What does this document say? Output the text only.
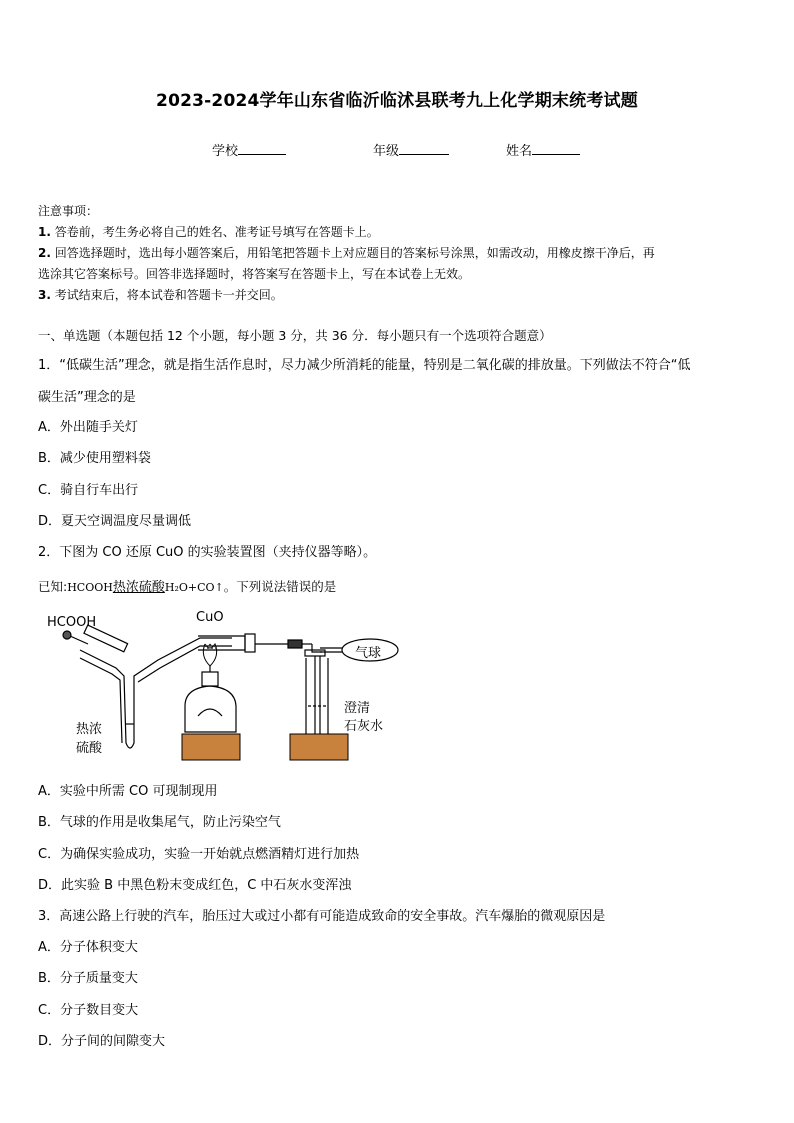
2023-2024学年山东省临沂临沭县联考九上化学期末统考试题
学校	年级	姓名
注意事项：
1. 答卷前，考生务必将自己的姓名、准考证号填写在答题卡上。
2. 回答选择题时，选出每小题答案后，用铅笔把答题卡上对应题目的答案标号涂黑，如需改动，用橡皮擦干净后，再
选涂其它答案标号。回答非选择题时，将答案写在答题卡上，写在本试卷上无效。
3. 考试结束后，将本试卷和答题卡一并交回。
一、单选题（本题包括 12 个小题，每小题 3 分，共 36 分．每小题只有一个选项符合题意）
1．“低碳生活”理念，就是指生活作息时，尽力减少所消耗的能量，特别是二氧化碳的排放量。下列做法不符合“低
碳生活”理念的是
A．外出随手关灯
B．减少使用塑料袋
C．骑自行车出行
D．夏天空调温度尽量调低
2．下图为 CO 还原 CuO 的实验装置图（夹持仪器等略）。
已知:HCOOH热浓硫酸H₂O+CO↑。下列说法错误的是
HCOOH	CuO
气球
热浓
硫酸
澄清
石灰水
A．实验中所需 CO 可现制现用
B．气球的作用是收集尾气，防止污染空气
C．为确保实验成功，实验一开始就点燃酒精灯进行加热
D．此实验 B 中黑色粉末变成红色，C 中石灰水变浑浊
3．高速公路上行驶的汽车，胎压过大或过小都有可能造成致命的安全事故。汽车爆胎的微观原因是
A．分子体积变大
B．分子质量变大
C．分子数目变大
D．分子间的间隙变大
